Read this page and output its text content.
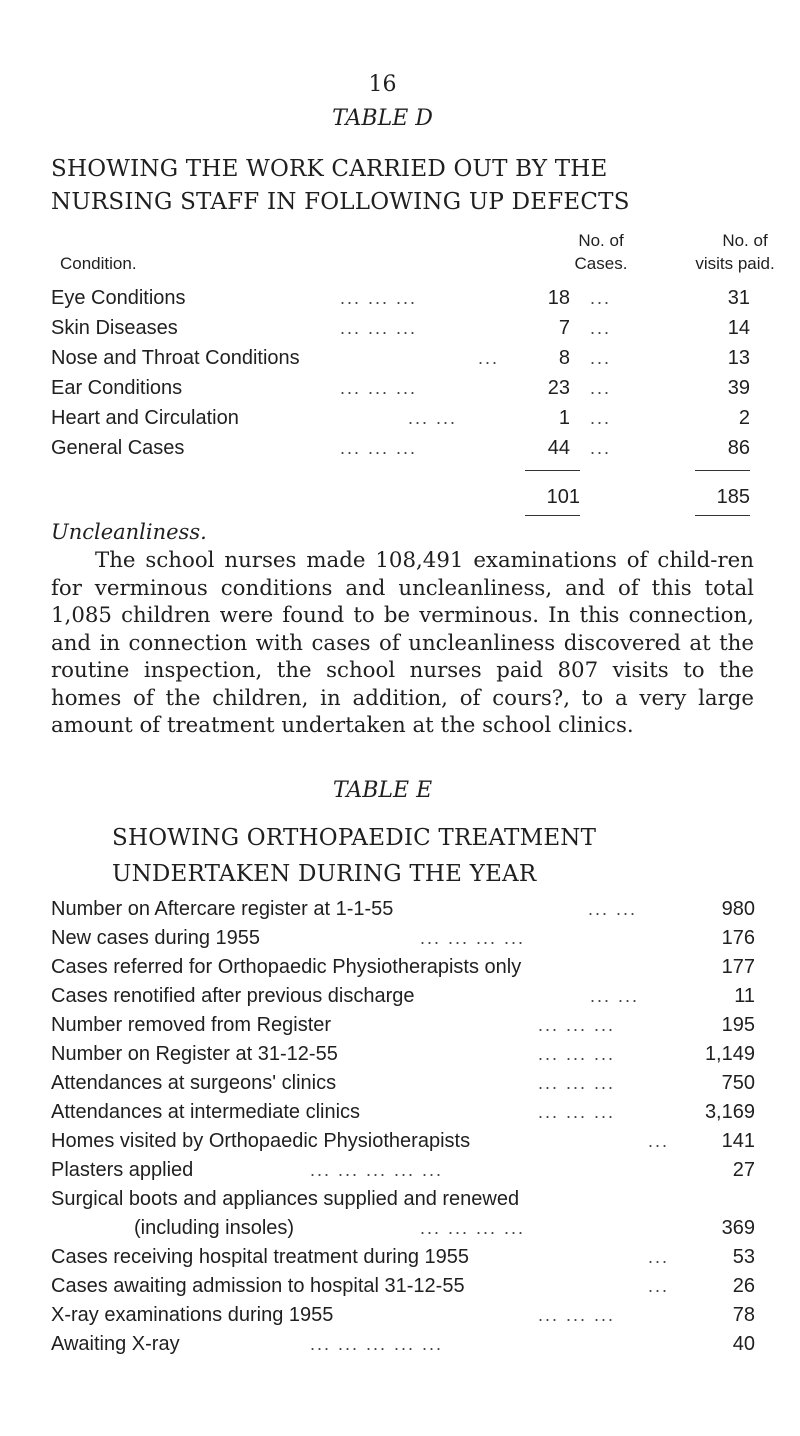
16
TABLE D
SHOWING THE WORK CARRIED OUT BY THE
NURSING STAFF IN FOLLOWING UP DEFECTS
Condition.
No. of
Cases.
No. of
visits paid.
Eye Conditions	... ... ...	18 ...	31
Skin Diseases	... ... ...	7 ...	14
Nose and Throat Conditions	...	8 ...	13
Ear Conditions	... ... ...	23 ...	39
Heart and Circulation	... ...	1 ...	2
General Cases	... ... ...	44 ...	86
101	185
Uncleanliness.
The school nurses made 108,491 examinations of child-ren for verminous conditions and uncleanliness, and of this total 1,085 children were found to be verminous. In this connection, and in connection with cases of uncleanliness discovered at the routine inspection, the school nurses paid 807 visits to the homes of the children, in addition, of cours?, to a very large amount of treatment undertaken at the school clinics.
TABLE E
SHOWING ORTHOPAEDIC TREATMENT
UNDERTAKEN DURING THE YEAR
Number on Aftercare register at 1-1-55	... ...	980
New cases during 1955	... ... ... ...	176
Cases referred for Orthopaedic Physiotherapists only	177
Cases renotified after previous discharge	... ...	11
Number removed from Register	... ... ...	195
Number on Register at 31-12-55	... ... ...	1,149
Attendances at surgeons' clinics	... ... ...	750
Attendances at intermediate clinics	... ... ...	3,169
Homes visited by Orthopaedic Physiotherapists	...	141
Plasters applied	... ... ... ... ...	27
Surgical boots and appliances supplied and renewed
(including insoles)	... ... ... ...	369
Cases receiving hospital treatment during 1955	...	53
Cases awaiting admission to hospital 31-12-55	...	26
X-ray examinations during 1955	... ... ...	78
Awaiting X-ray	... ... ... ... ...	40
